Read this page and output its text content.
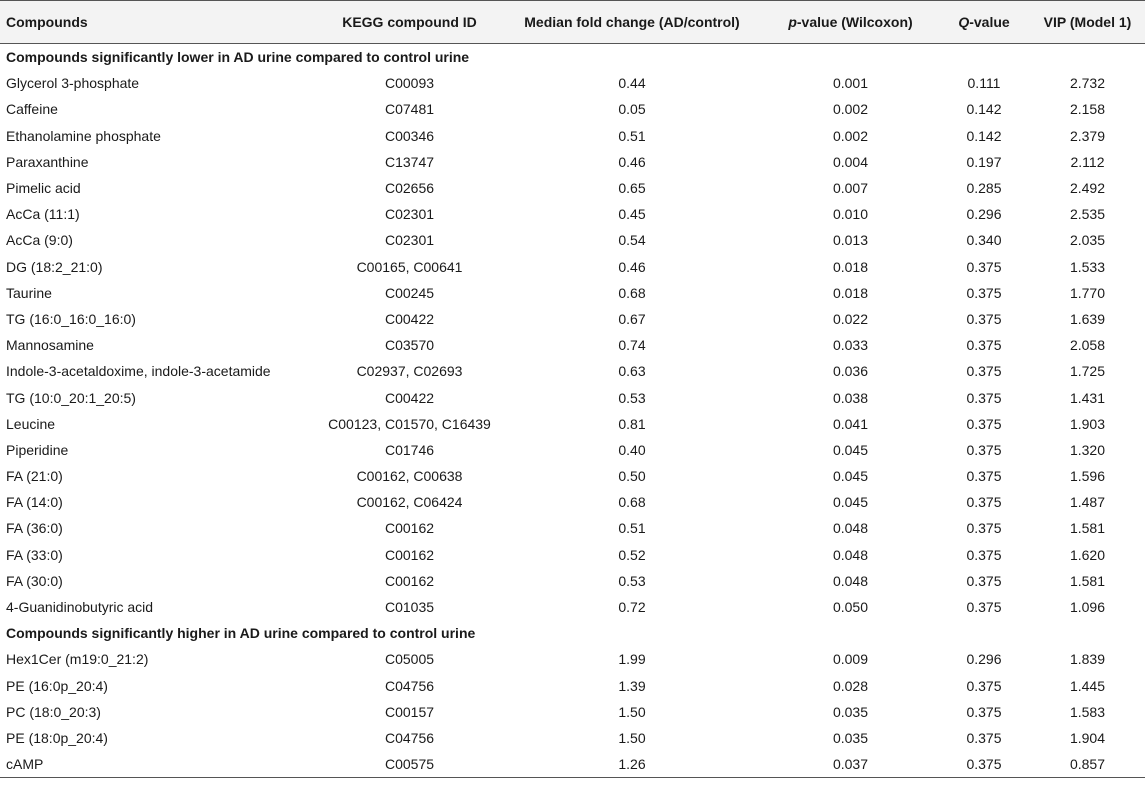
Compounds	KEGG compound ID	Median fold change (AD/control)	p-value (Wilcoxon)	Q-value	VIP (Model 1)
Compounds significantly lower in AD urine compared to control urine					
Glycerol 3-phosphate	C00093	0.44	0.001	0.111	2.732
Caffeine	C07481	0.05	0.002	0.142	2.158
Ethanolamine phosphate	C00346	0.51	0.002	0.142	2.379
Paraxanthine	C13747	0.46	0.004	0.197	2.112
Pimelic acid	C02656	0.65	0.007	0.285	2.492
AcCa (11:1)	C02301	0.45	0.010	0.296	2.535
AcCa (9:0)	C02301	0.54	0.013	0.340	2.035
DG (18:2_21:0)	C00165, C00641	0.46	0.018	0.375	1.533
Taurine	C00245	0.68	0.018	0.375	1.770
TG (16:0_16:0_16:0)	C00422	0.67	0.022	0.375	1.639
Mannosamine	C03570	0.74	0.033	0.375	2.058
Indole-3-acetaldoxime, indole-3-acetamide	C02937, C02693	0.63	0.036	0.375	1.725
TG (10:0_20:1_20:5)	C00422	0.53	0.038	0.375	1.431
Leucine	C00123, C01570, C16439	0.81	0.041	0.375	1.903
Piperidine	C01746	0.40	0.045	0.375	1.320
FA (21:0)	C00162, C00638	0.50	0.045	0.375	1.596
FA (14:0)	C00162, C06424	0.68	0.045	0.375	1.487
FA (36:0)	C00162	0.51	0.048	0.375	1.581
FA (33:0)	C00162	0.52	0.048	0.375	1.620
FA (30:0)	C00162	0.53	0.048	0.375	1.581
4-Guanidinobutyric acid	C01035	0.72	0.050	0.375	1.096
Compounds significantly higher in AD urine compared to control urine					
Hex1Cer (m19:0_21:2)	C05005	1.99	0.009	0.296	1.839
PE (16:0p_20:4)	C04756	1.39	0.028	0.375	1.445
PC (18:0_20:3)	C00157	1.50	0.035	0.375	1.583
PE (18:0p_20:4)	C04756	1.50	0.035	0.375	1.904
cAMP	C00575	1.26	0.037	0.375	0.857
